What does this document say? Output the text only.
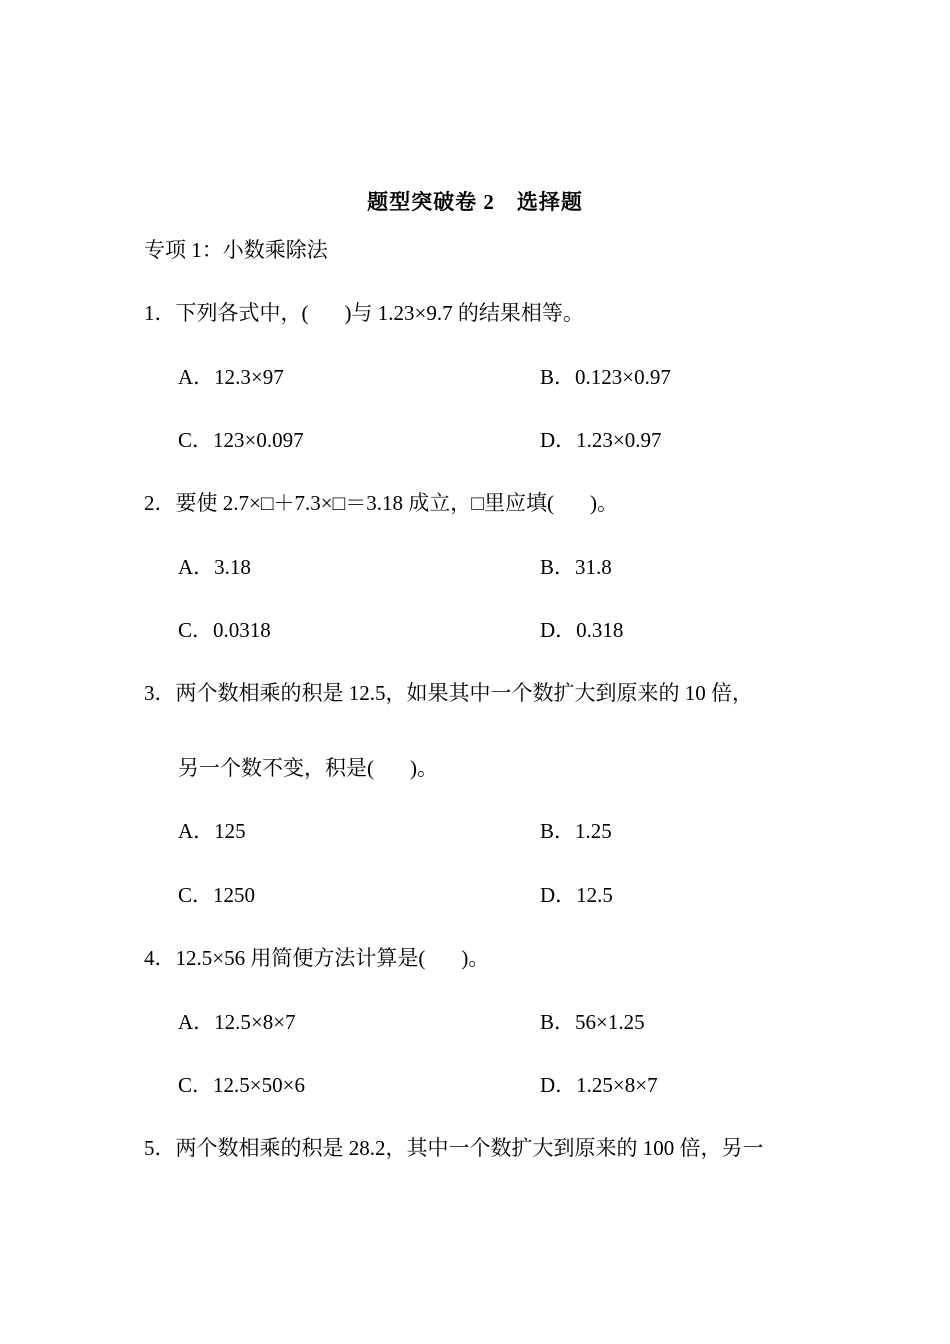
题型突破卷 2　选择题
专项 1：小数乘除法
1．下列各式中，( )与 1.23×9.7 的结果相等。
A．12.3×97	B．0.123×0.97
C．123×0.097	D．1.23×0.97
2．要使 2.7×□＋7.3×□＝3.18 成立，□里应填( )。
A．3.18	B．31.8
C．0.0318	D．0.318
3．两个数相乘的积是 12.5，如果其中一个数扩大到原来的 10 倍，
另一个数不变，积是( )。
A．125	B．1.25
C．1250	D．12.5
4．12.5×56 用简便方法计算是( )。
A．12.5×8×7	B．56×1.25
C．12.5×50×6	D．1.25×8×7
5．两个数相乘的积是 28.2，其中一个数扩大到原来的 100 倍，另一
